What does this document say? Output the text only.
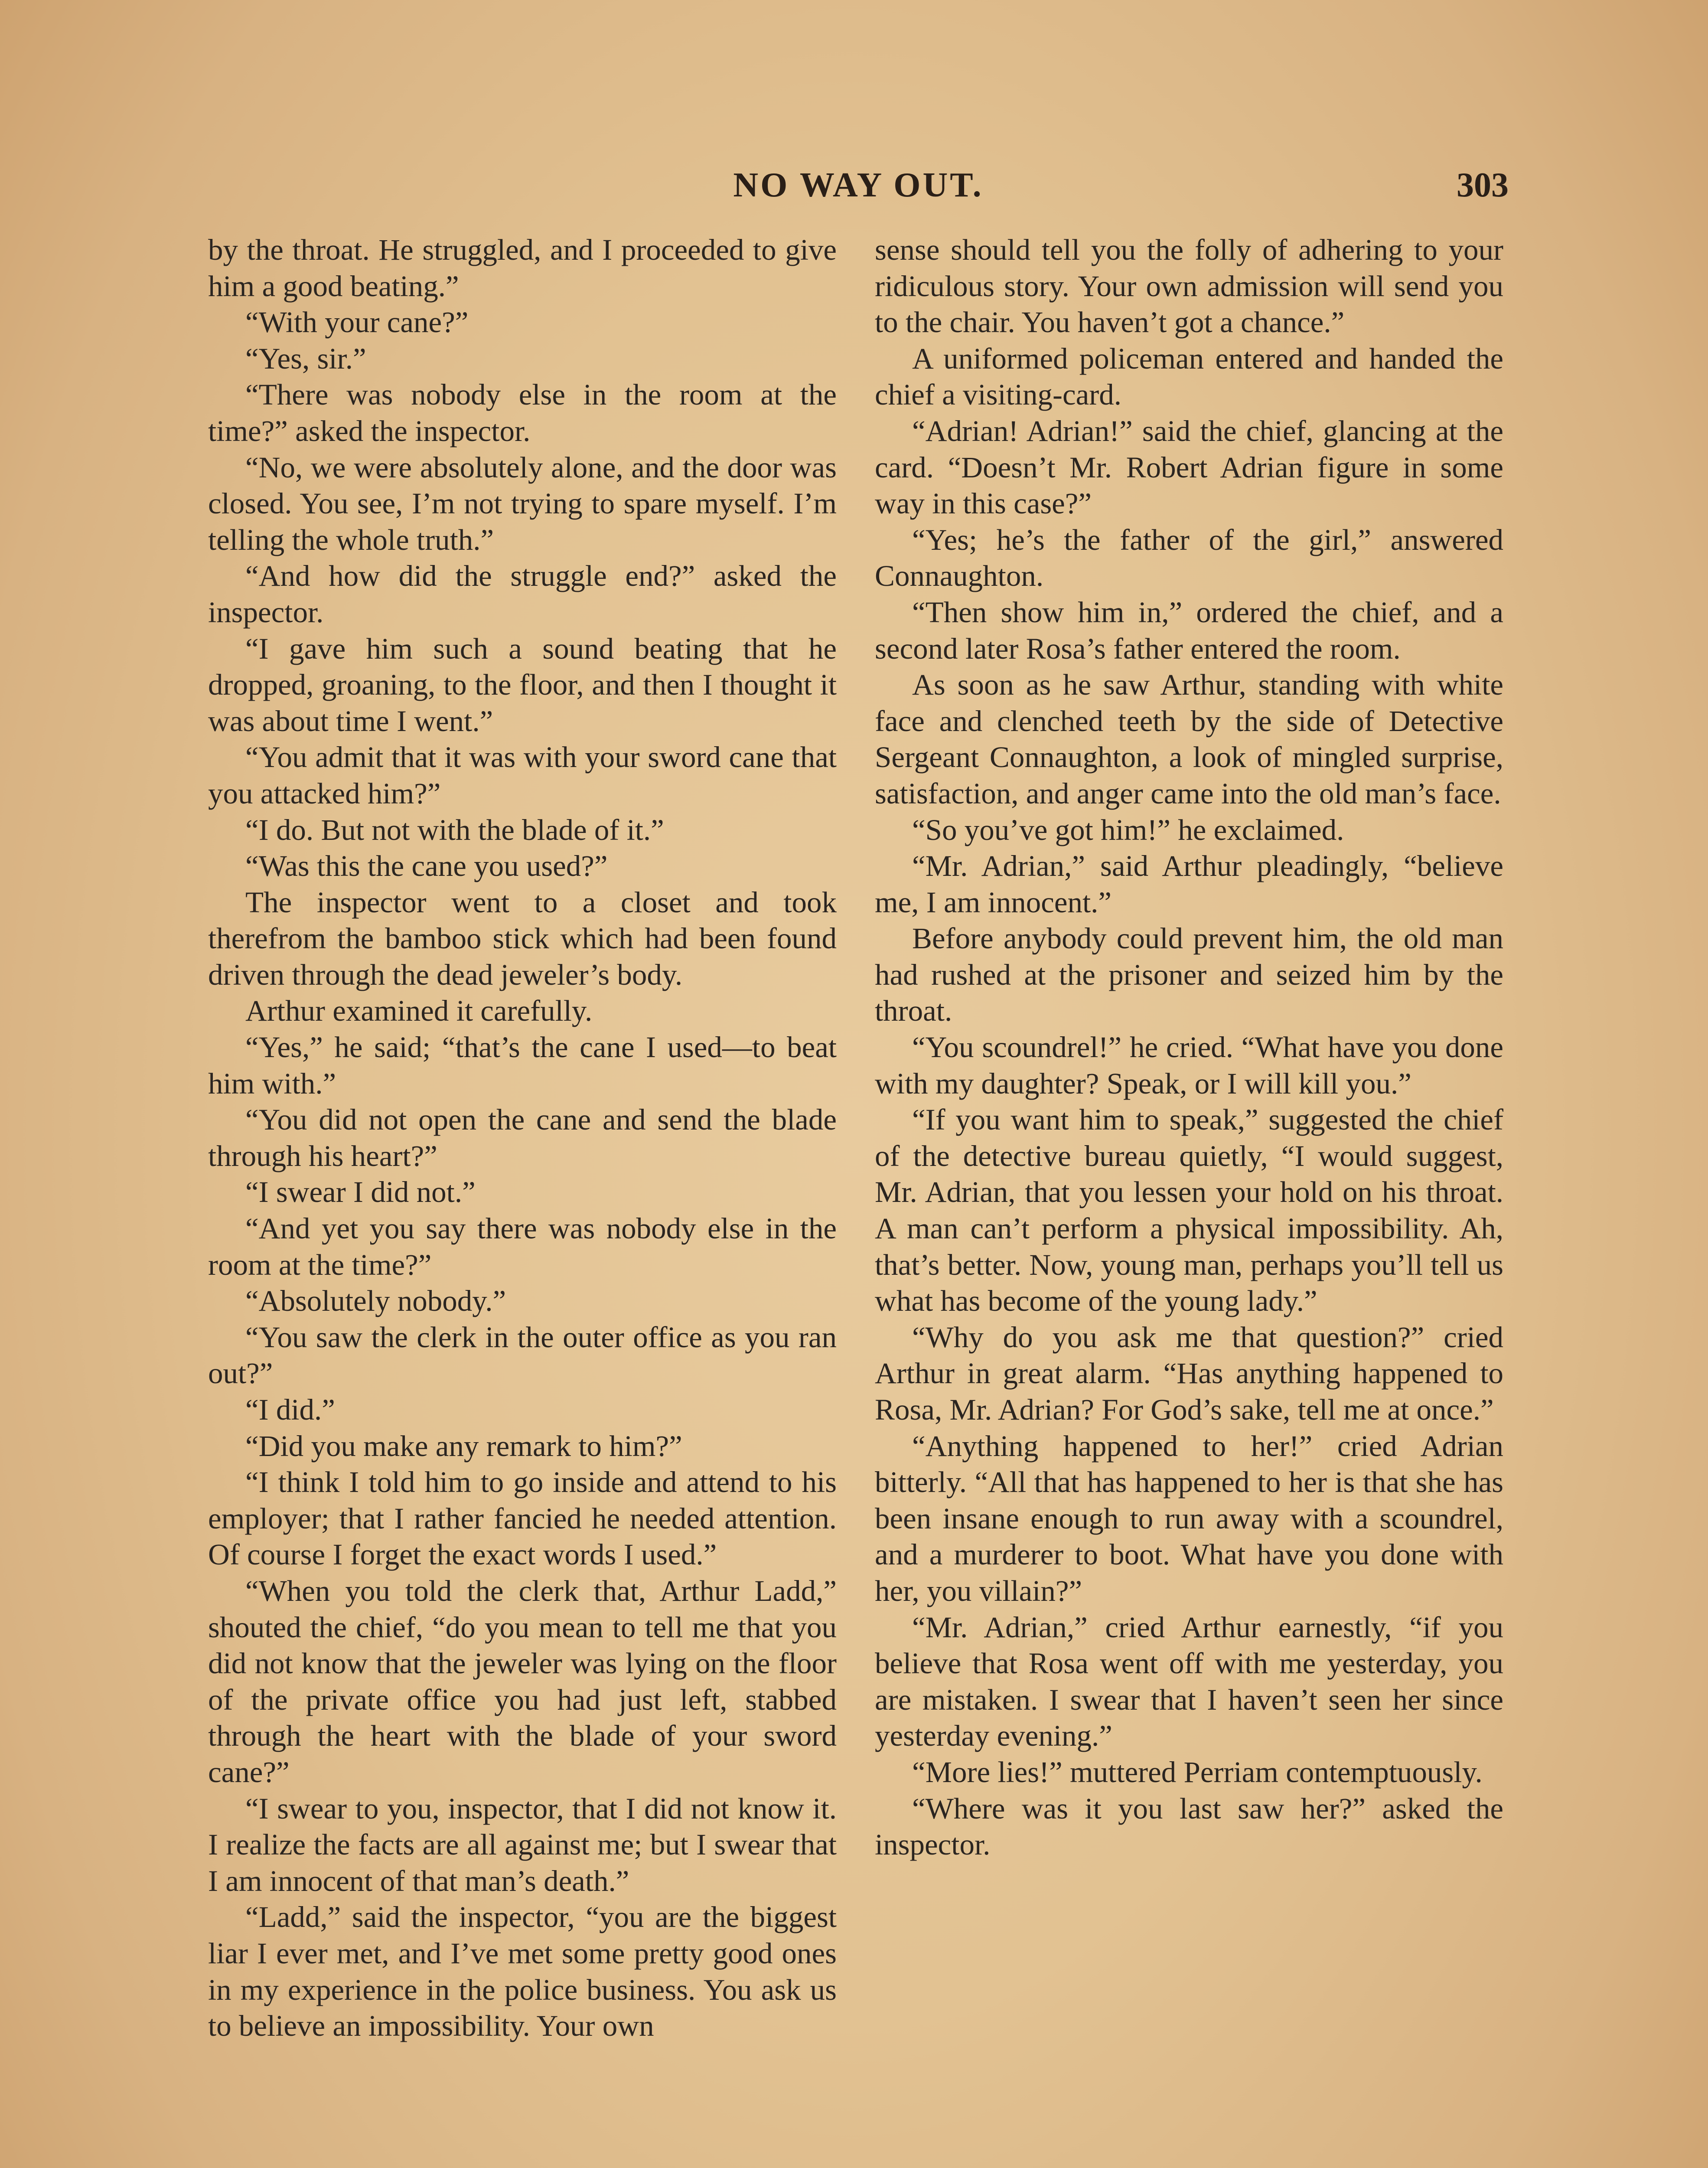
NO WAY OUT.	303

by the throat. He struggled, and I proceeded to give him a good beating.”

“With your cane?”

“Yes, sir.”

“There was nobody else in the room at the time?” asked the inspector.

“No, we were absolutely alone, and the door was closed. You see, I’m not trying to spare myself. I’m telling the whole truth.”

“And how did the struggle end?” asked the inspector.

“I gave him such a sound beating that he dropped, groaning, to the floor, and then I thought it was about time I went.”

“You admit that it was with your sword cane that you attacked him?”

“I do. But not with the blade of it.”

“Was this the cane you used?”

The inspector went to a closet and took therefrom the bamboo stick which had been found driven through the dead jeweler’s body.

Arthur examined it carefully.

“Yes,” he said; “that’s the cane I used—to beat him with.”

“You did not open the cane and send the blade through his heart?”

“I swear I did not.”

“And yet you say there was nobody else in the room at the time?”

“Absolutely nobody.”

“You saw the clerk in the outer office as you ran out?”

“I did.”

“Did you make any remark to him?”

“I think I told him to go inside and attend to his employer; that I rather fancied he needed attention. Of course I forget the exact words I used.”

“When you told the clerk that, Arthur Ladd,” shouted the chief, “do you mean to tell me that you did not know that the jeweler was lying on the floor of the private office you had just left, stabbed through the heart with the blade of your sword cane?”

“I swear to you, inspector, that I did not know it. I realize the facts are all against me; but I swear that I am innocent of that man’s death.”

“Ladd,” said the inspector, “you are the biggest liar I ever met, and I’ve met some pretty good ones in my experience in the police business. You ask us to believe an impossibility. Your own

sense should tell you the folly of adhering to your ridiculous story. Your own admission will send you to the chair. You haven’t got a chance.”

A uniformed policeman entered and handed the chief a visiting-card.

“Adrian! Adrian!” said the chief, glancing at the card. “Doesn’t Mr. Robert Adrian figure in some way in this case?”

“Yes; he’s the father of the girl,” answered Connaughton.

“Then show him in,” ordered the chief, and a second later Rosa’s father entered the room.

As soon as he saw Arthur, standing with white face and clenched teeth by the side of Detective Sergeant Connaughton, a look of mingled surprise, satisfaction, and anger came into the old man’s face.

“So you’ve got him!” he exclaimed.

“Mr. Adrian,” said Arthur pleadingly, “believe me, I am innocent.”

Before anybody could prevent him, the old man had rushed at the prisoner and seized him by the throat.

“You scoundrel!” he cried. “What have you done with my daughter? Speak, or I will kill you.”

“If you want him to speak,” suggested the chief of the detective bureau quietly, “I would suggest, Mr. Adrian, that you lessen your hold on his throat. A man can’t perform a physical impossibility. Ah, that’s better. Now, young man, perhaps you’ll tell us what has become of the young lady.”

“Why do you ask me that question?” cried Arthur in great alarm. “Has anything happened to Rosa, Mr. Adrian? For God’s sake, tell me at once.”

“Anything happened to her!” cried Adrian bitterly. “All that has happened to her is that she has been insane enough to run away with a scoundrel, and a murderer to boot. What have you done with her, you villain?”

“Mr. Adrian,” cried Arthur earnestly, “if you believe that Rosa went off with me yesterday, you are mistaken. I swear that I haven’t seen her since yesterday evening.”

“More lies!” muttered Perriam contemptuously.

“Where was it you last saw her?” asked the inspector.
